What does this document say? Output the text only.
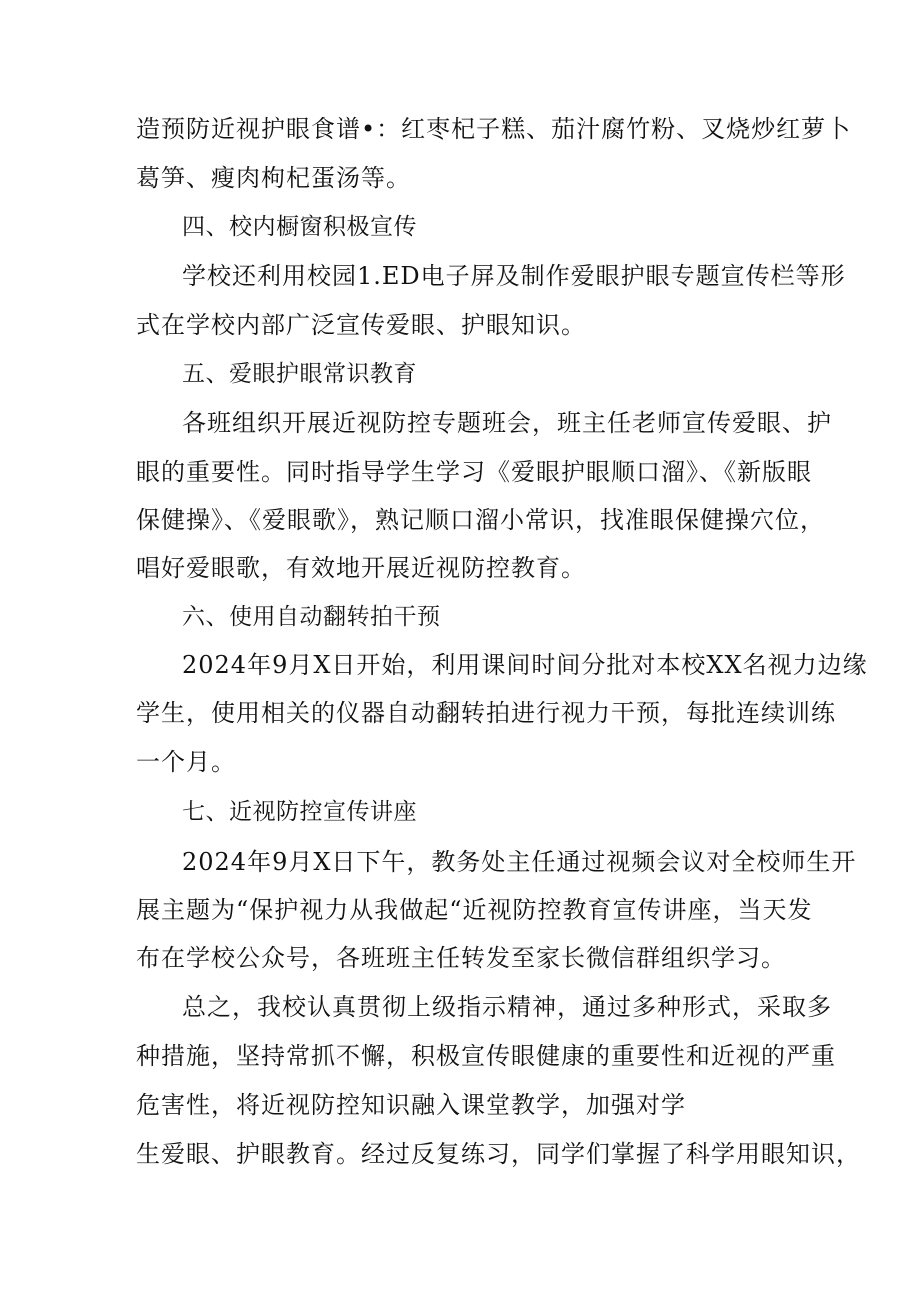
造预防近视护眼食谱•：红枣杞子糕、茄汁腐竹粉、叉烧炒红萝卜
葛笋、瘦肉枸杞蛋汤等。
四、校内橱窗积极宣传
学校还利用校园1.ED电子屏及制作爱眼护眼专题宣传栏等形
式在学校内部广泛宣传爱眼、护眼知识。
五、爱眼护眼常识教育
各班组织开展近视防控专题班会，班主任老师宣传爱眼、护
眼的重要性。同时指导学生学习《爱眼护眼顺口溜》、《新版眼
保健操》、《爱眼歌》，熟记顺口溜小常识，找准眼保健操穴位，
唱好爱眼歌，有效地开展近视防控教育。
六、使用自动翻转拍干预
2024年9月X日开始，利用课间时间分批对本校XX名视力边缘
学生，使用相关的仪器自动翻转拍进行视力干预，每批连续训练
一个月。
七、近视防控宣传讲座
2024年9月X日下午，教务处主任通过视频会议对全校师生开
展主题为“保护视力从我做起“近视防控教育宣传讲座，当天发
布在学校公众号，各班班主任转发至家长微信群组织学习。
总之，我校认真贯彻上级指示精神，通过多种形式，采取多
种措施，坚持常抓不懈，积极宣传眼健康的重要性和近视的严重
危害性，将近视防控知识融入课堂教学，加强对学
生爱眼、护眼教育。经过反复练习，同学们掌握了科学用眼知识，
